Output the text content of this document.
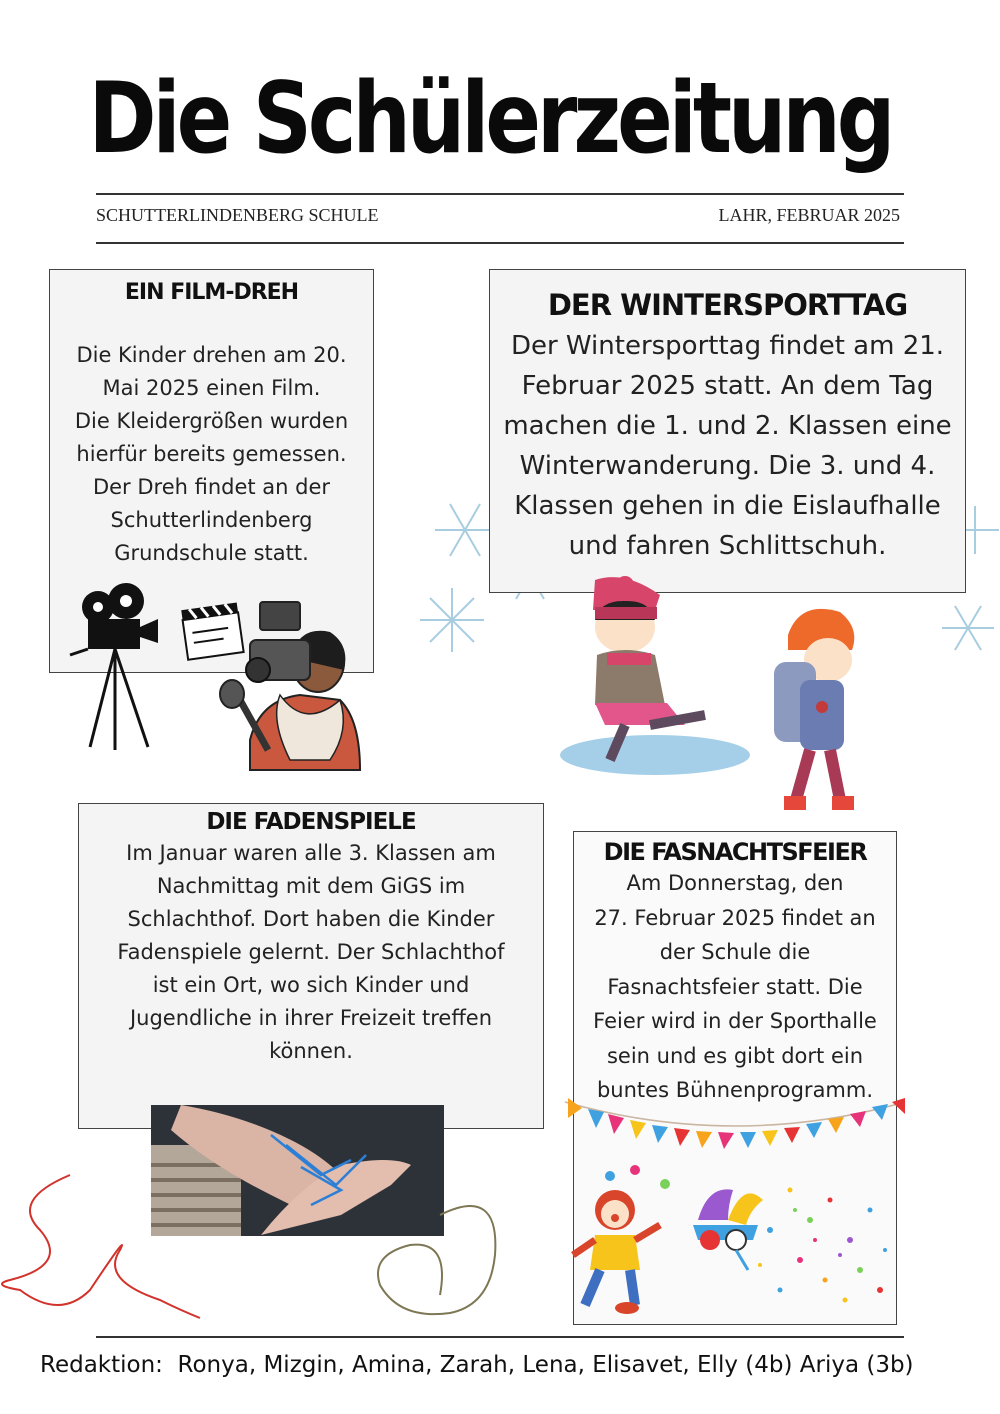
Die Schülerzeitung
SCHUTTERLINDENBERG SCHULE	LAHR, FEBRUAR 2025
EIN FILM-DREH

Die Kinder drehen am 20.
Mai 2025 einen Film.
Die Kleidergrößen wurden
hierfür bereits gemessen.
Der Dreh findet an der
Schutterlindenberg
Grundschule statt.

DER WINTERSPORTTAG

Der Wintersporttag findet am 21.
Februar 2025 statt. An dem Tag
machen die 1. und 2. Klassen eine
Winterwanderung. Die 3. und 4.
Klassen gehen in die Eislaufhalle
und fahren Schlittschuh.

DIE FADENSPIELE

Im Januar waren alle 3. Klassen am
Nachmittag mit dem GiGS im
Schlachthof. Dort haben die Kinder
Fadenspiele gelernt. Der Schlachthof
ist ein Ort, wo sich Kinder und
Jugendliche in ihrer Freizeit treffen
können.

DIE FASNACHTSFEIER

Am Donnerstag, den
27. Februar 2025 findet an
der Schule die
Fasnachtsfeier statt. Die
Feier wird in der Sporthalle
sein und es gibt dort ein
buntes Bühnenprogramm.

Redaktion:  Ronya, Mizgin, Amina, Zarah, Lena, Elisavet, Elly (4b) Ariya (3b)
